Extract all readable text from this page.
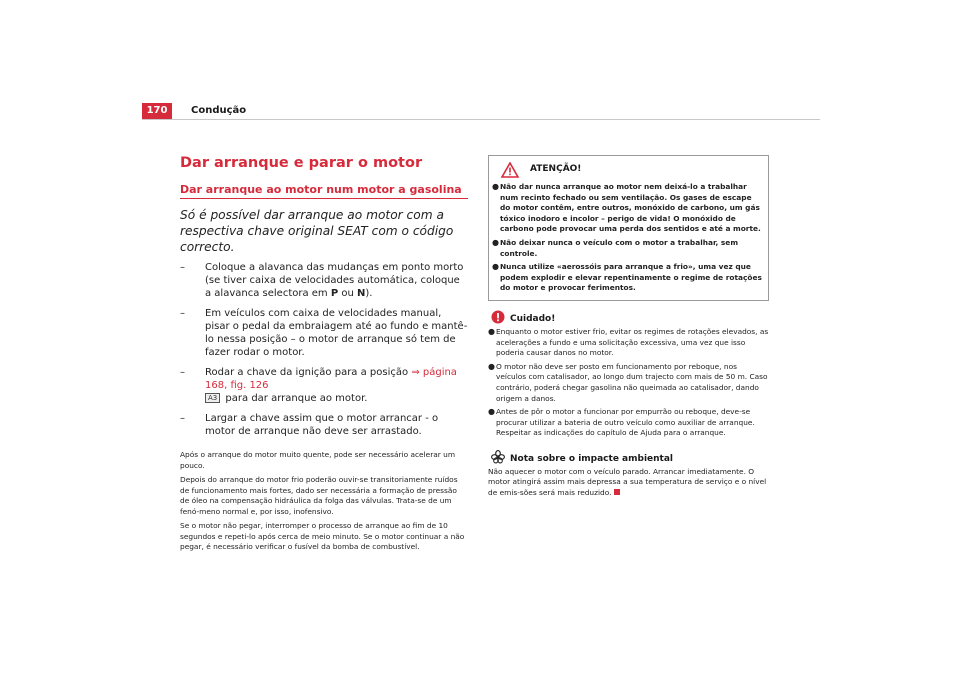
170	Condução
Dar arranque e parar o motor
Dar arranque ao motor num motor a gasolina

Só é possível dar arranque ao motor com a respectiva chave original SEAT com o código correcto.

– Coloque a alavanca das mudanças em ponto morto (se tiver caixa de velocidades automática, coloque a alavanca selectora em P ou N).
– Em veículos com caixa de velocidades manual, pisar o pedal da embraiagem até ao fundo e mantê-lo nessa posição – o motor de arranque só tem de fazer rodar o motor.
– Rodar a chave da ignição para a posição ⇒ página 168, fig. 126
A3 para dar arranque ao motor.
– Largar a chave assim que o motor arrancar - o motor de arranque não deve ser arrastado.

Após o arranque do motor muito quente, pode ser necessário acelerar um pouco.

Depois do arranque do motor frio poderão ouvir-se transitoriamente ruídos de funcionamento mais fortes, dado ser necessária a formação de pressão de óleo na compensação hidráulica da folga das válvulas. Trata-se de um fenó-meno normal e, por isso, inofensivo.

Se o motor não pegar, interromper o processo de arranque ao fim de 10 segundos e repeti-lo após cerca de meio minuto. Se o motor continuar a não pegar, é necessário verificar o fusível da bomba de combustível.

ATENÇÃO!

● Não dar nunca arranque ao motor nem deixá-lo a trabalhar num recinto fechado ou sem ventilação. Os gases de escape do motor contêm, entre outros, monóxido de carbono, um gás tóxico inodoro e incolor – perigo de vida! O monóxido de carbono pode provocar uma perda dos sentidos e até a morte.

● Não deixar nunca o veículo com o motor a trabalhar, sem controle.

● Nunca utilize «aerossóis para arranque a frio», uma vez que podem explodir e elevar repentinamente o regime de rotações do motor e provocar ferimentos.

Cuidado!

● Enquanto o motor estiver frio, evitar os regimes de rotações elevados, as acelerações a fundo e uma solicitação excessiva, uma vez que isso poderia causar danos no motor.

● O motor não deve ser posto em funcionamento por reboque, nos veículos com catalisador, ao longo dum trajecto com mais de 50 m. Caso contrário, poderá chegar gasolina não queimada ao catalisador, dando origem a danos.

● Antes de pôr o motor a funcionar por empurrão ou reboque, deve-se procurar utilizar a bateria de outro veículo como auxiliar de arranque. Respeitar as indicações do capítulo de Ajuda para o arranque.

Nota sobre o impacte ambiental

Não aquecer o motor com o veículo parado. Arrancar imediatamente. O motor atingirá assim mais depressa a sua temperatura de serviço e o nível de emis-sões será mais reduzido.
